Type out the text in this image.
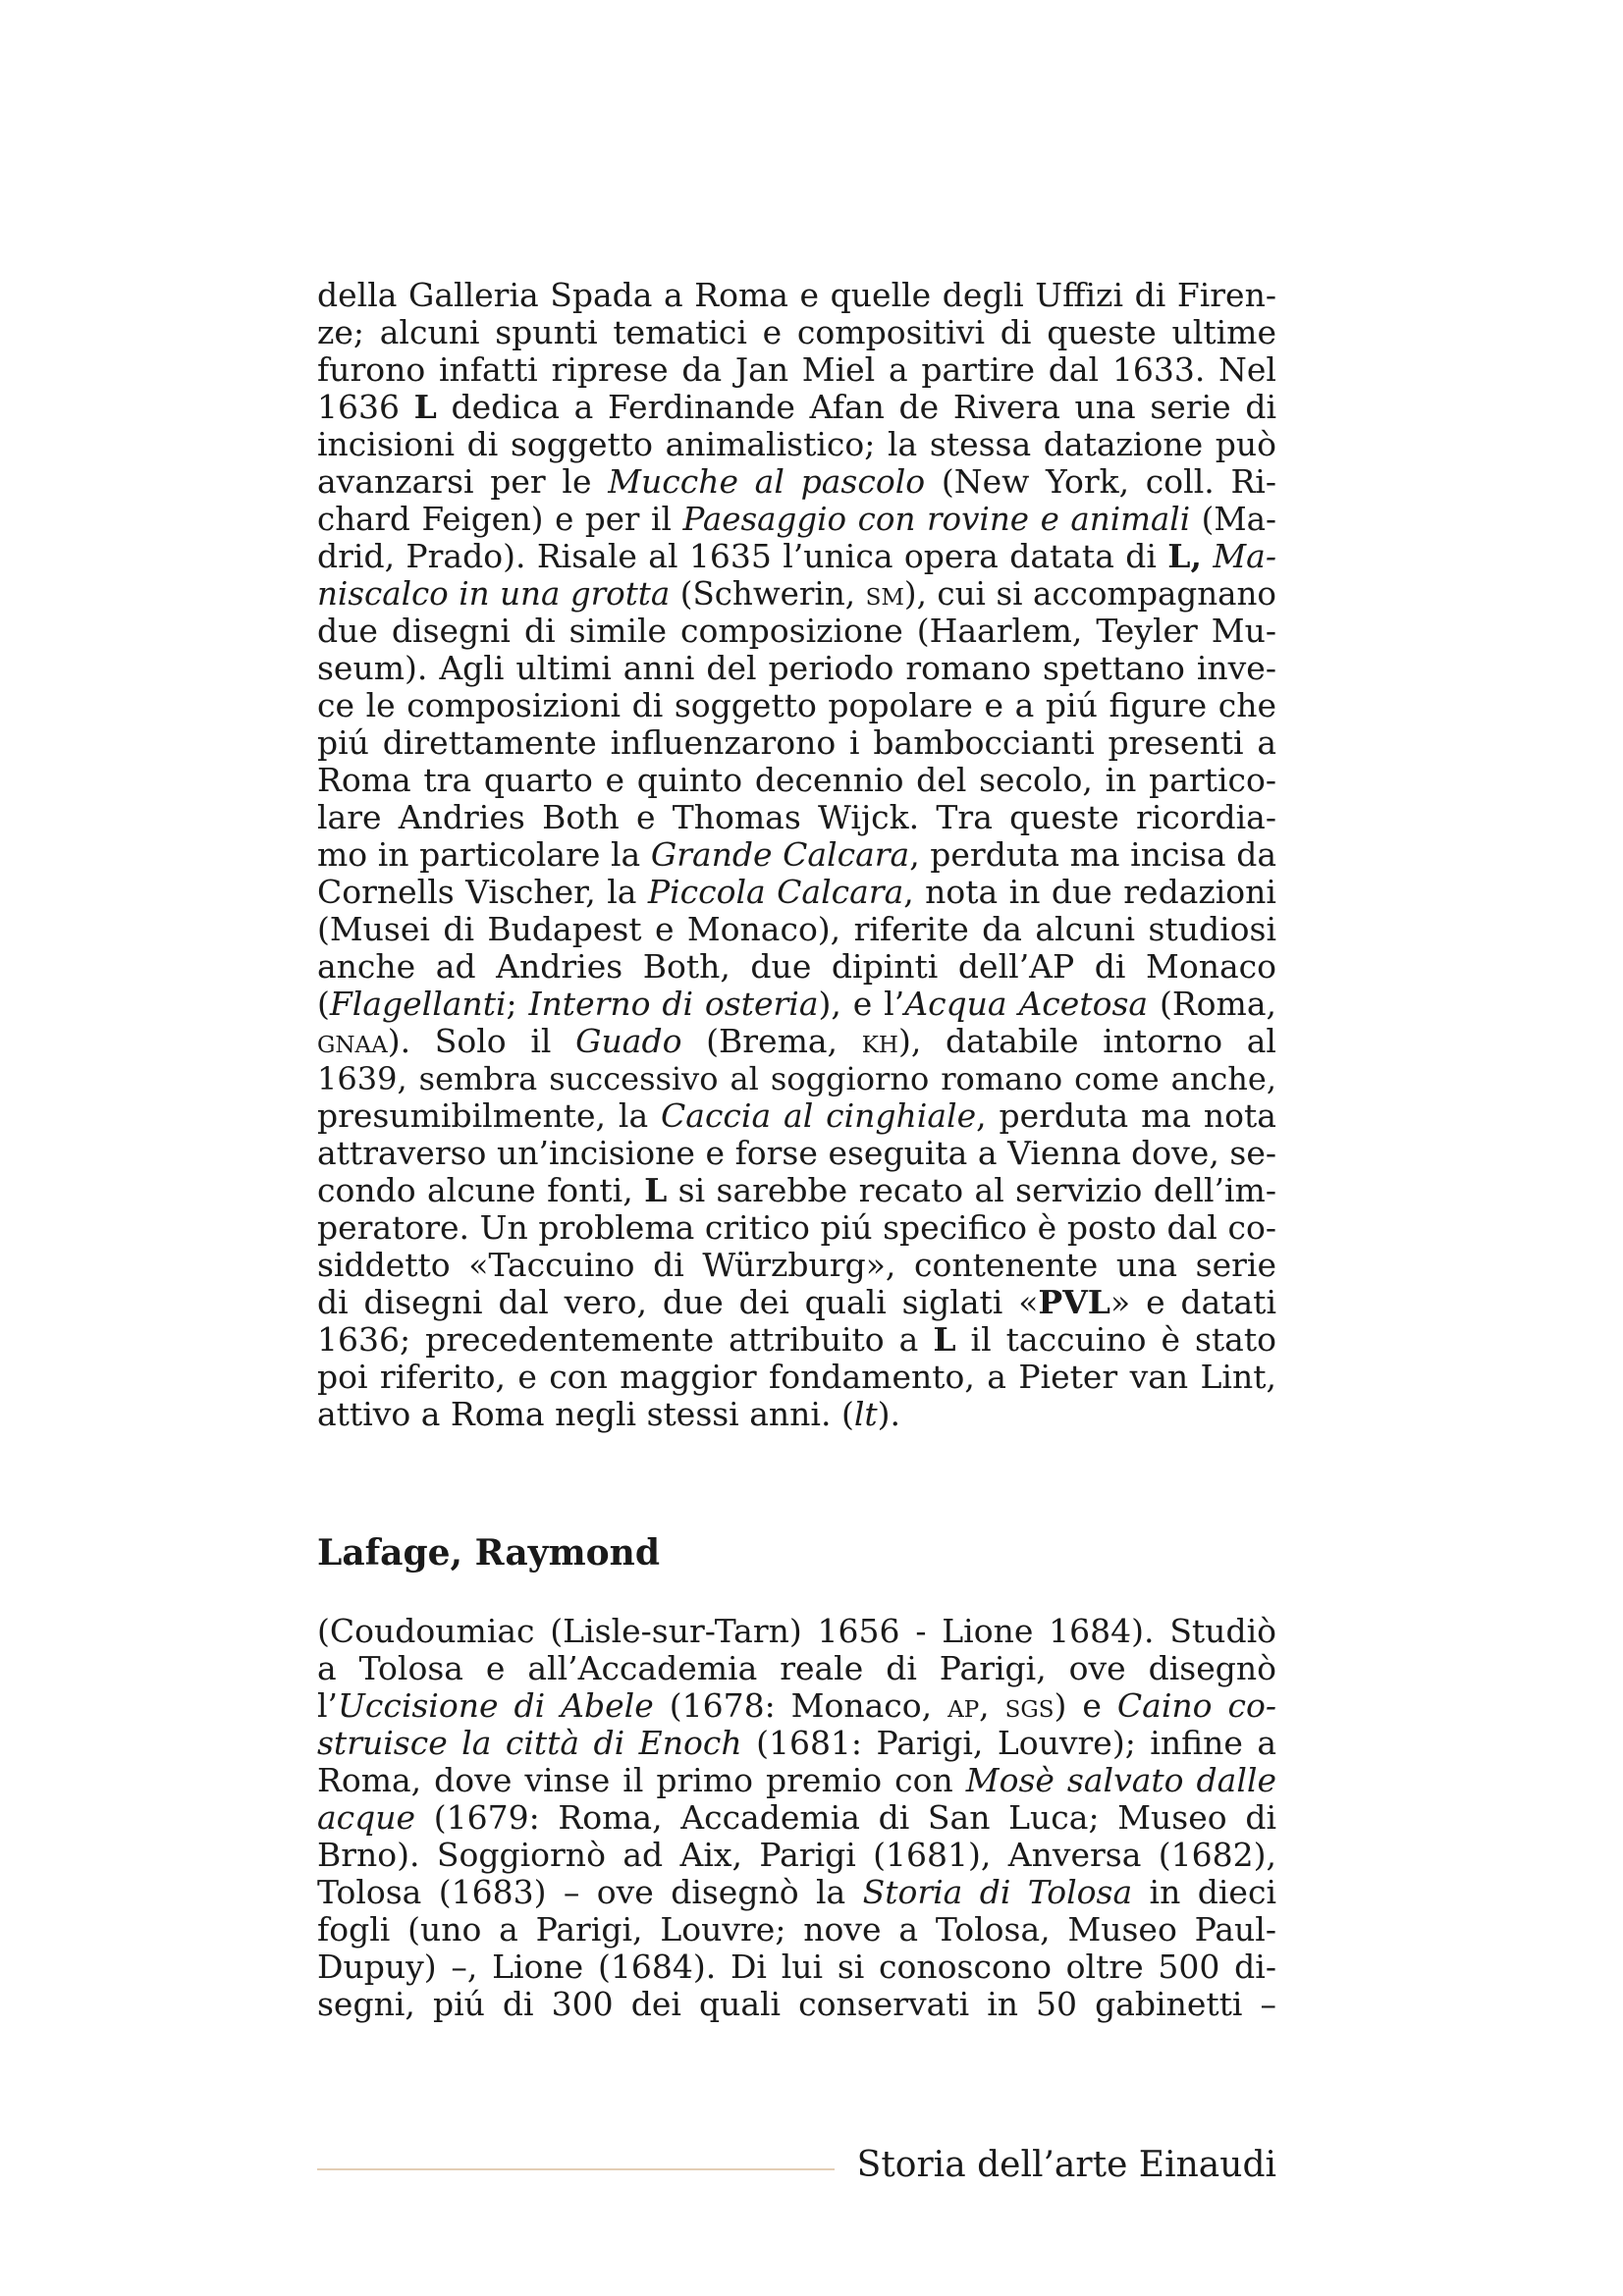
della Galleria Spada a Roma e quelle degli Uffizi di Firen-
ze; alcuni spunti tematici e compositivi di queste ultime
furono infatti riprese da Jan Miel a partire dal 1633. Nel
1636 L dedica a Ferdinande Afan de Rivera una serie di
incisioni di soggetto animalistico; la stessa datazione può
avanzarsi per le Mucche al pascolo (New York, coll. Ri-
chard Feigen) e per il Paesaggio con rovine e animali (Ma-
drid, Prado). Risale al 1635 l’unica opera datata di L, Ma-
niscalco in una grotta (Schwerin, sm), cui si accompagnano
due disegni di simile composizione (Haarlem, Teyler Mu-
seum). Agli ultimi anni del periodo romano spettano inve-
ce le composizioni di soggetto popolare e a piú figure che
piú direttamente influenzarono i bamboccianti presenti a
Roma tra quarto e quinto decennio del secolo, in partico-
lare Andries Both e Thomas Wijck. Tra queste ricordia-
mo in particolare la Grande Calcara, perduta ma incisa da
Cornells Vischer, la Piccola Calcara, nota in due redazioni
(Musei di Budapest e Monaco), riferite da alcuni studiosi
anche ad Andries Both, due dipinti dell’AP di Monaco
(Flagellanti; Interno di osteria), e l’Acqua Acetosa (Roma,
gnaa). Solo il Guado (Brema, kh), databile intorno al
1639, sembra successivo al soggiorno romano come anche,
presumibilmente, la Caccia al cinghiale, perduta ma nota
attraverso un’incisione e forse eseguita a Vienna dove, se-
condo alcune fonti, L si sarebbe recato al servizio dell’im-
peratore. Un problema critico piú specifico è posto dal co-
siddetto «Taccuino di Würzburg», contenente una serie
di disegni dal vero, due dei quali siglati «PVL» e datati
1636; precedentemente attribuito a L il taccuino è stato
poi riferito, e con maggior fondamento, a Pieter van Lint,
attivo a Roma negli stessi anni. (lt).
Lafage, Raymond
(Coudoumiac (Lisle-sur-Tarn) 1656 - Lione 1684). Studiò
a Tolosa e all’Accademia reale di Parigi, ove disegnò
l’Uccisione di Abele (1678: Monaco, ap, sgs) e Caino co-
struisce la città di Enoch (1681: Parigi, Louvre); infine a
Roma, dove vinse il primo premio con Mosè salvato dalle
acque (1679: Roma, Accademia di San Luca; Museo di
Brno). Soggiornò ad Aix, Parigi (1681), Anversa (1682),
Tolosa (1683) – ove disegnò la Storia di Tolosa in dieci
fogli (uno a Parigi, Louvre; nove a Tolosa, Museo Paul-
Dupuy) –, Lione (1684). Di lui si conoscono oltre 500 di-
segni, piú di 300 dei quali conservati in 50 gabinetti –
Storia dell’arte Einaudi
